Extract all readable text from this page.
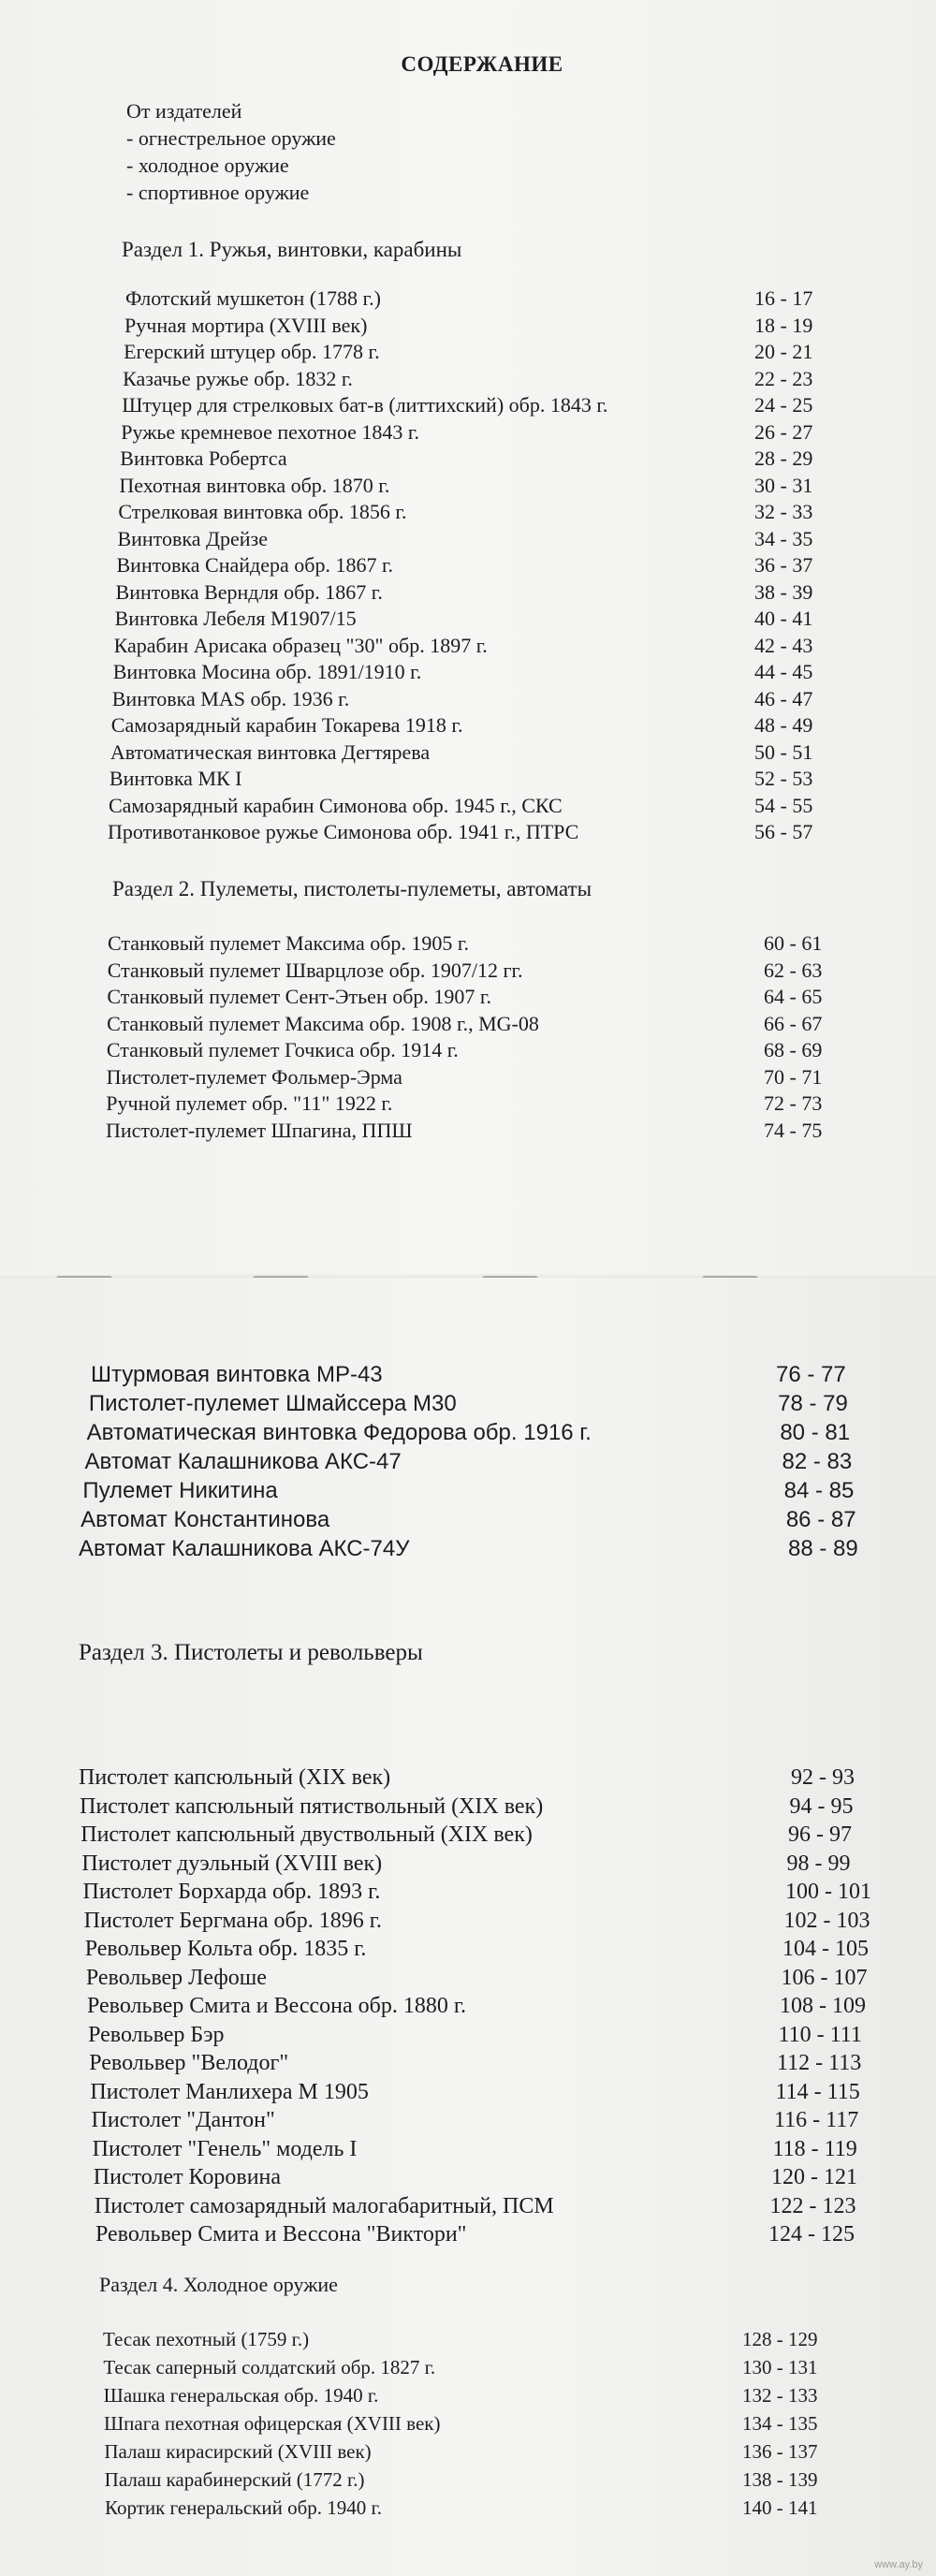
СОДЕРЖАНИЕ
От издателей
- огнестрельное оружие
- холодное оружие
- спортивное оружие
Раздел 1. Ружья, винтовки, карабины
Флотский мушкетон (1788 г.)	16 - 17
Ручная мортира (XVIII век)	18 - 19
Егерский штуцер обр. 1778 г.	20 - 21
Казачье ружье обр. 1832 г.	22 - 23
Штуцер для стрелковых бат-в (литтихский) обр. 1843 г.	24 - 25
Ружье кремневое пехотное 1843 г.	26 - 27
Винтовка Робертса	28 - 29
Пехотная винтовка обр. 1870 г.	30 - 31
Стрелковая винтовка обр. 1856 г.	32 - 33
Винтовка Дрейзе	34 - 35
Винтовка Снайдера обр. 1867 г.	36 - 37
Винтовка Верндля обр. 1867 г.	38 - 39
Винтовка Лебеля М1907/15	40 - 41
Карабин Арисака образец "30" обр. 1897 г.	42 - 43
Винтовка Мосина обр. 1891/1910 г.	44 - 45
Винтовка MAS обр. 1936 г.	46 - 47
Самозарядный карабин Токарева 1918 г.	48 - 49
Автоматическая винтовка Дегтярева	50 - 51
Винтовка МК I	52 - 53
Самозарядный карабин Симонова обр. 1945 г., СКС	54 - 55
Противотанковое ружье Симонова обр. 1941 г., ПТРС	56 - 57
Раздел 2. Пулеметы, пистолеты-пулеметы, автоматы
Станковый пулемет Максима обр. 1905 г.	60 - 61
Станковый пулемет Шварцлозе обр. 1907/12 гг.	62 - 63
Станковый пулемет Сент-Этьен обр. 1907 г.	64 - 65
Станковый пулемет Максима обр. 1908 г., MG-08	66 - 67
Станковый пулемет Гочкиса обр. 1914 г.	68 - 69
Пистолет-пулемет Фольмер-Эрма	70 - 71
Ручной пулемет обр. "11" 1922 г.	72 - 73
Пистолет-пулемет Шпагина, ППШ	74 - 75
Штурмовая винтовка МР-43	76 - 77
Пистолет-пулемет Шмайссера М30	78 - 79
Автоматическая винтовка Федорова обр. 1916 г.	80 - 81
Автомат Калашникова АКС-47	82 - 83
Пулемет Никитина	84 - 85
Автомат Константинова	86 - 87
Автомат Калашникова АКС-74У	88 - 89
Раздел 3. Пистолеты и револьверы
Пистолет капсюльный (XIX век)	92 - 93
Пистолет капсюльный пятиствольный (XIX век)	94 - 95
Пистолет капсюльный двуствольный (XIX век)	96 - 97
Пистолет дуэльный (XVIII век)	98 - 99
Пистолет Борхарда обр. 1893 г.	100 - 101
Пистолет Бергмана обр. 1896 г.	102 - 103
Револьвер Кольта обр. 1835 г.	104 - 105
Револьвер Лефоше	106 - 107
Револьвер Смита и Вессона обр. 1880 г.	108 - 109
Револьвер Бэр	110 - 111
Револьвер "Велодог"	112 - 113
Пистолет Манлихера М 1905	114 - 115
Пистолет "Дантон"	116 - 117
Пистолет "Генель" модель I	118 - 119
Пистолет Коровина	120 - 121
Пистолет самозарядный малогабаритный, ПСМ	122 - 123
Револьвер Смита и Вессона "Виктори"	124 - 125
Раздел 4. Холодное оружие
Тесак пехотный (1759 г.)	128 - 129
Тесак саперный солдатский обр. 1827 г.	130 - 131
Шашка генеральская обр. 1940 г.	132 - 133
Шпага пехотная офицерская (XVIII век)	134 - 135
Палаш кирасирский (XVIII век)	136 - 137
Палаш карабинерский (1772 г.)	138 - 139
Кортик генеральский обр. 1940 г.	140 - 141
www.ay.by
